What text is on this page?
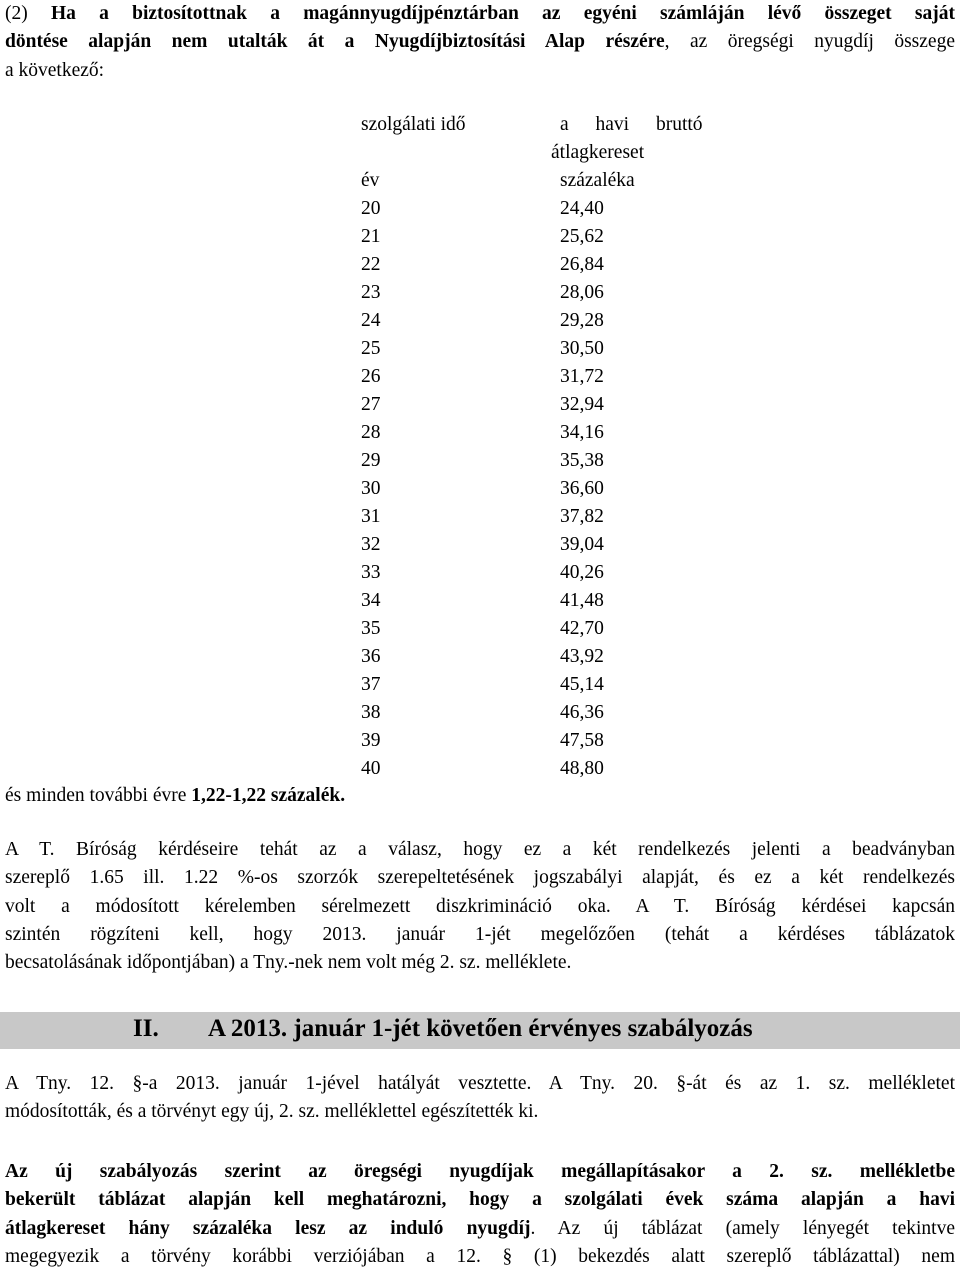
(2) Ha a biztosítottnak a magánnyugdíjpénztárban az egyéni számláján lévő összeget saját
döntése alapján nem utalták át a Nyugdíjbiztosítási Alap részére, az öregségi nyugdíj összege
a következő:
szolgálati idő	a havi bruttó
átlagkereset
év	százaléka
20	24,40
21	25,62
22	26,84
23	28,06
24	29,28
25	30,50
26	31,72
27	32,94
28	34,16
29	35,38
30	36,60
31	37,82
32	39,04
33	40,26
34	41,48
35	42,70
36	43,92
37	45,14
38	46,36
39	47,58
40	48,80
és minden további évre 1,22-1,22 százalék.
A T. Bíróság kérdéseire tehát az a válasz, hogy ez a két rendelkezés jelenti a beadványban
szereplő 1.65 ill. 1.22 %-os szorzók szerepeltetésének jogszabályi alapját, és ez a két rendelkezés
volt a módosított kérelemben sérelmezett diszkrimináció oka. A T. Bíróság kérdései kapcsán
szintén rögzíteni kell, hogy 2013. január 1-jét megelőzően (tehát a kérdéses táblázatok
becsatolásának időpontjában) a Tny.-nek nem volt még 2. sz. melléklete.
II. A 2013. január 1-jét követően érvényes szabályozás
A Tny. 12. §-a 2013. január 1-jével hatályát vesztette. A Tny. 20. §-át és az 1. sz. mellékletet
módosították, és a törvényt egy új, 2. sz. melléklettel egészítették ki.
Az új szabályozás szerint az öregségi nyugdíjak megállapításakor a 2. sz. mellékletbe
bekerült táblázat alapján kell meghatározni, hogy a szolgálati évek száma alapján a havi
átlagkereset hány százaléka lesz az induló nyugdíj. Az új táblázat (amely lényegét tekintve
megegyezik a törvény korábbi verziójában a 12. § (1) bekezdés alatt szereplő táblázattal) nem
